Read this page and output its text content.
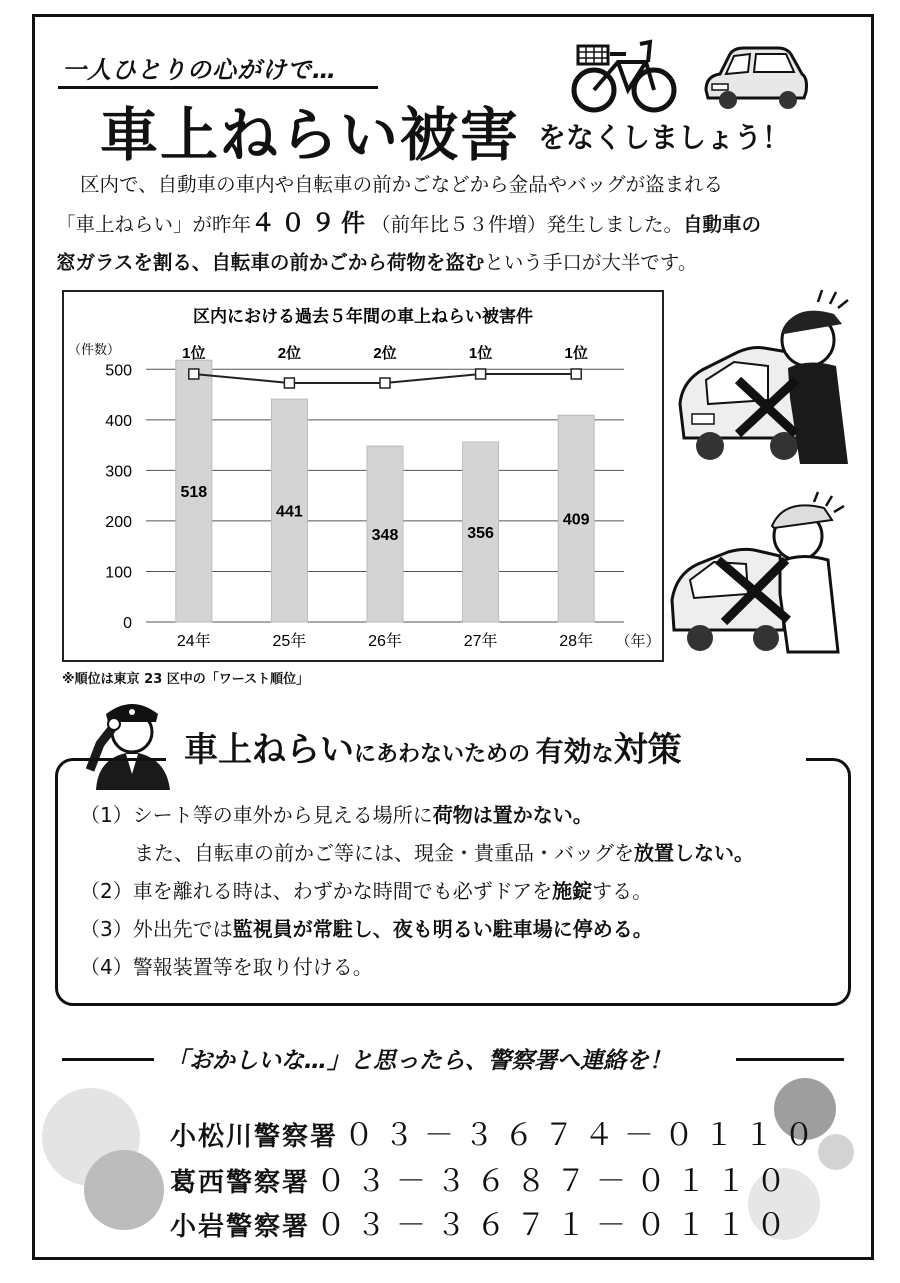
一人ひとりの心がけで…
車上ねらい被害 をなくしましょう！
区内で、自動車の車内や自転車の前かごなどから金品やバッグが盗まれる
「車上ねらい」が昨年４０９件（前年比５３件増）発生しました。自動車の
窓ガラスを割る、自転車の前かごから荷物を盗むという手口が大半です。
区内における過去５年間の車上ねらい被害件
（件数）
0
100
200
300
400
500
518
24年
1位
441
25年
2位
348
26年
2位
356
27年
1位
409
28年
1位
（年）
※順位は東京 23 区中の「ワースト順位」
車上ねらいにあわないための 有効な対策
（1）シート等の車外から見える場所に荷物は置かない。
また、自転車の前かご等には、現金・貴重品・バッグを放置しない。
（2）車を離れる時は、わずかな時間でも必ずドアを施錠する。
（3）外出先では監視員が常駐し、夜も明るい駐車場に停める。
（4）警報装置等を取り付ける。
「おかしいな…」と思ったら、警察署へ連絡を！
小松川警察署 ０３－３６７４－０１１０
葛西警察署 ０３－３６８７－０１１０
小岩警察署 ０３－３６７１－０１１０
